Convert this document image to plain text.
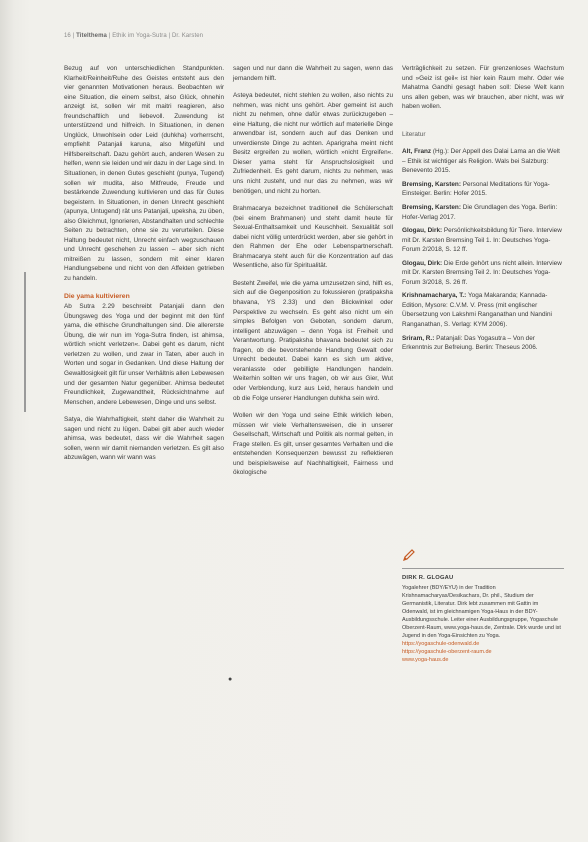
16 | Titelthema | Ethik im Yoga-Sutra | Dr. Karsten

Bezug auf von unterschiedlichen Standpunkten. Klarheit/Reinheit/Ruhe des Geistes entsteht aus den vier genannten Motivationen heraus. Beobachten wir eine Situation, die einem selbst, also Glück, ohnehin anzeigt ist, sollen wir mit maitri reagieren, also freundschaftlich und liebevoll. Zuwendung ist unterstützend und hilfreich. In Situationen, in denen Unglück, Unwohlsein oder Leid (duhkha) vorherrscht, empfiehlt Patanjali karuna, also Mitgefühl und Hilfsbereitschaft. Dazu gehört auch, anderen Wesen zu helfen, wenn sie leiden und wir dazu in der Lage sind. In Situationen, in denen Gutes geschieht (punya, Tugend) sollen wir mudita, also Mitfreude, Freude und bestärkende Zuwendung kultivieren und das für Gutes begeistern. In Situationen, in denen Unrecht geschieht (apunya, Untugend) rät uns Patanjali, upeksha, zu üben, also Gleichmut, Ignorieren, Abstandhalten und schlechte Seiten zu betrachten, ohne sie zu verurteilen. Diese Haltung bedeutet nicht, Unrecht einfach wegzuschauen und Unrecht geschehen zu lassen – aber sich nicht mitreißen zu lassen, sondern mit einer klaren Handlungsebene und nicht von den Affekten getrieben zu handeln.

Die yama kultivieren

Ab Sutra 2.29 beschreibt Patanjali dann den Übungsweg des Yoga und der beginnt mit den fünf yama, die ethische Grundhaltungen sind. Die allererste Übung, die wir nun im Yoga-Sutra finden, ist ahimsa, wörtlich »nicht verletzen«. Dabei geht es darum, nicht verletzen zu wollen, und zwar in Taten, aber auch in Worten und sogar in Gedanken. Und diese Haltung der Gewaltlosigkeit gilt für unser Verhältnis allen Lebewesen und der gesamten Natur gegenüber. Ahimsa bedeutet Freundlichkeit, Zugewandtheit, Rücksichtnahme auf Menschen, andere Lebewesen, Dinge und uns selbst.

Satya, die Wahrhaftigkeit, steht daher die Wahrheit zu sagen und nicht zu lügen. Dabei gilt aber auch wieder ahimsa, was bedeutet, dass wir die Wahrheit sagen sollen, wenn wir damit niemanden verletzen. Es gilt also abzuwägen, wann wir wann was

sagen und nur dann die Wahrheit zu sagen, wenn das jemandem hilft.

Asteya bedeutet, nicht stehlen zu wollen, also nichts zu nehmen, was nicht uns gehört. Aber gemeint ist auch nicht zu nehmen, ohne dafür etwas zurückzugeben – eine Haltung, die nicht nur wörtlich auf materielle Dinge anwendbar ist, sondern auch auf das Denken und unverdienste Dinge zu achten. Aparigraha meint nicht Besitz ergreifen zu wollen, wörtlich »nicht Ergreifen«. Dieser yama steht für Anspruchslosigkeit und Zufriedenheit. Es geht darum, nichts zu nehmen, was uns nicht zusteht, und nur das zu nehmen, was wir benötigen, und nicht zu horten.

Brahmacarya bezeichnet traditionell die Schülerschaft (bei einem Brahmanen) und steht damit heute für Sexual-Enthaltsamkeit und Keuschheit. Sexualität soll dabei nicht völlig unterdrückt werden, aber sie gehört in den Rahmen der Ehe oder Lebenspartnerschaft. Brahmacarya steht auch für die Konzentration auf das Wesentliche, also für Spiritualität.

Besteht Zweifel, wie die yama umzusetzen sind, hilft es, sich auf die Gegenposition zu fokussieren (pratipaksha bhavana, YS 2.33) und den Blickwinkel oder Perspektive zu wechseln. Es geht also nicht um ein simples Befolgen von Geboten, sondern darum, intelligent abzuwägen – denn Yoga ist Freiheit und Verantwortung. Pratipaksha bhavana bedeutet sich zu fragen, ob die bevorstehende Handlung Gewalt oder Unrecht bedeutet. Dabei kann es sich um aktive, veranlasste oder gebilligte Handlungen handeln. Weiterhin sollten wir uns fragen, ob wir aus Gier, Wut oder Verblendung, kurz aus Leid, heraus handeln und ob die Folge unserer Handlungen duhkha sein wird.

Wollen wir den Yoga und seine Ethik wirklich leben, müssen wir viele Verhaltensweisen, die in unserer Gesellschaft, Wirtschaft und Politik als normal gelten, in Frage stellen. Es gilt, unser gesamtes Verhalten und die entstehenden Konsequenzen bewusst zu reflektieren und beispielsweise auf Nachhaltigkeit, Fairness und ökologische

●

Verträglichkeit zu setzen. Für grenzenloses Wachstum und »Geiz ist geil« ist hier kein Raum mehr. Oder wie Mahatma Gandhi gesagt haben soll: Diese Welt kann uns allen geben, was wir brauchen, aber nicht, was wir haben wollen.

Literatur

Alt, Franz (Hg.): Der Appell des Dalai Lama an die Welt – Ethik ist wichtiger als Religion. Wals bei Salzburg: Benevento 2015.

Bremsing, Karsten: Personal Meditations für Yoga-Einsteiger. Berlin: Hofer 2015.

Bremsing, Karsten: Die Grundlagen des Yoga. Berlin: Hofer-Verlag 2017.

Glogau, Dirk: Persönlichkeitsbildung für Tiere. Interview mit Dr. Karsten Bremsing Teil 1. In: Deutsches Yoga-Forum 2/2018, S. 12 ff.

Glogau, Dirk: Die Erde gehört uns nicht allein. Interview mit Dr. Karsten Bremsing Teil 2. In: Deutsches Yoga-Forum 3/2018, S. 26 ff.

Krishnamacharya, T.: Yoga Makaranda; Kannada-Edition, Mysore: C.V.M. V. Press (mit englischer Übersetzung von Lakshmi Ranganathan und Nandini Ranganathan, S. Verlag: KYM 2006).

Sriram, R.: Patanjali: Das Yogasutra – Von der Erkenntnis zur Befreiung. Berlin: Theseus 2006.

DIRK R. GLOGAU
Yogalehrer (BDY/EYU) in der Tradition Krishnamacharyas/Desikachars, Dr. phil., Studium der Germanistik, Literatur. Dirk lebt zusammen mit Gattin im Odenwald, ist im gleichnamigen Yoga-Haus in der BDY-Ausbildungsschule. Leiter einer Ausbildungsgruppe, Yogaschule Oberzent-Raum, www.yoga-haus.de, Zentrale. Dirk wurde und ist Jugend in den Yoga-Einsichten zu Yoga.
https://yogaschule-odenwald.de
https://yogaschule-oberzent-raum.de
www.yoga-haus.de
